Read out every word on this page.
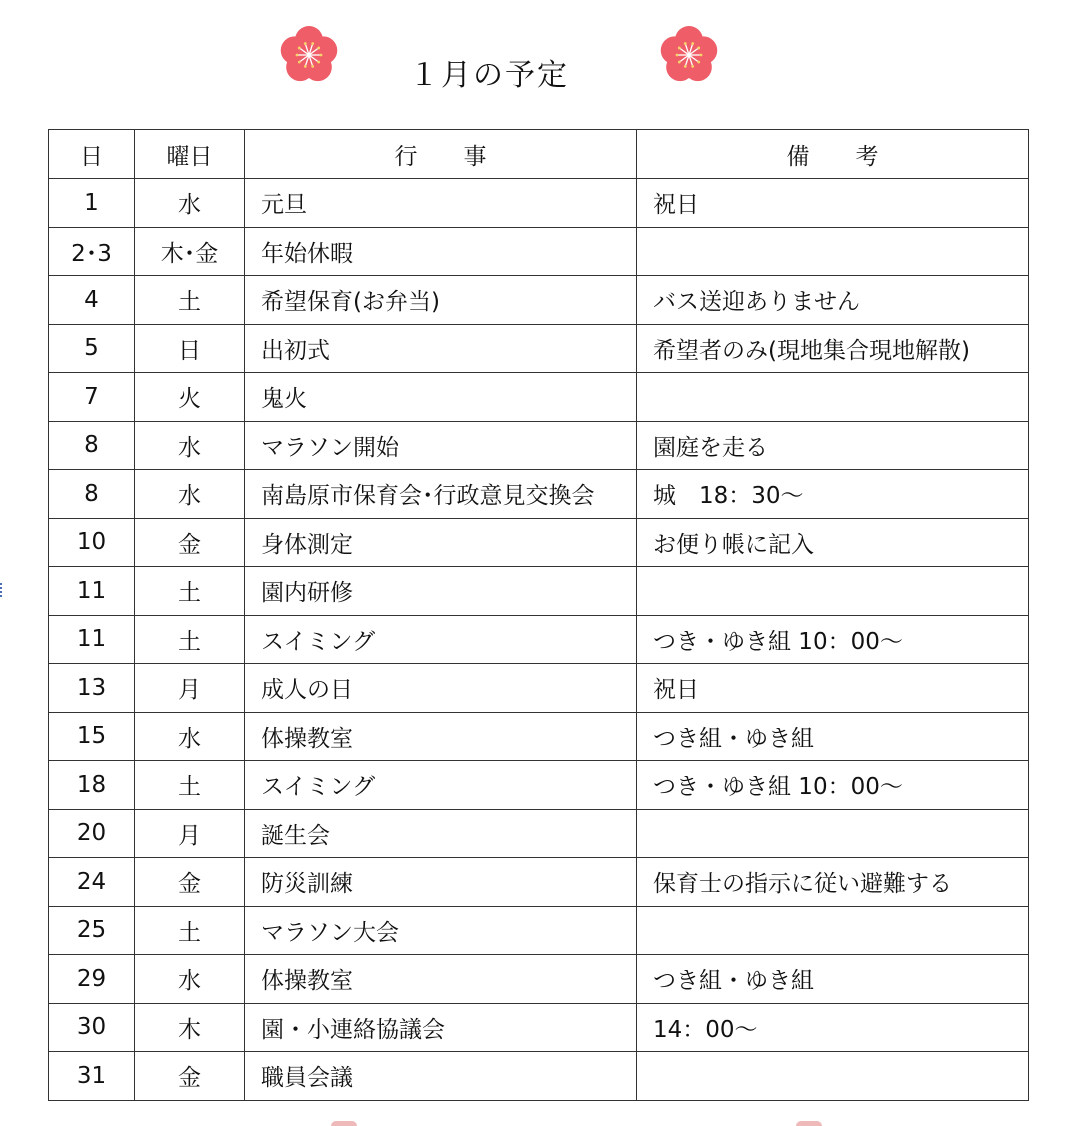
１月の予定
日	曜日	行　　事	備　　考
1	水	元旦	祝日
2･3	木･金	年始休暇	
4	土	希望保育(お弁当)	バス送迎ありません
5	日	出初式	希望者のみ(現地集合現地解散)
7	火	鬼火	
8	水	マラソン開始	園庭を走る
8	水	南島原市保育会･行政意見交換会	城　18：30～
10	金	身体測定	お便り帳に記入
11	土	園内研修	
11	土	スイミング	つき・ゆき組 10：00～
13	月	成人の日	祝日
15	水	体操教室	つき組・ゆき組
18	土	スイミング	つき・ゆき組 10：00～
20	月	誕生会	
24	金	防災訓練	保育士の指示に従い避難する
25	土	マラソン大会	
29	水	体操教室	つき組・ゆき組
30	木	園・小連絡協議会	14：00～
31	金	職員会議	
